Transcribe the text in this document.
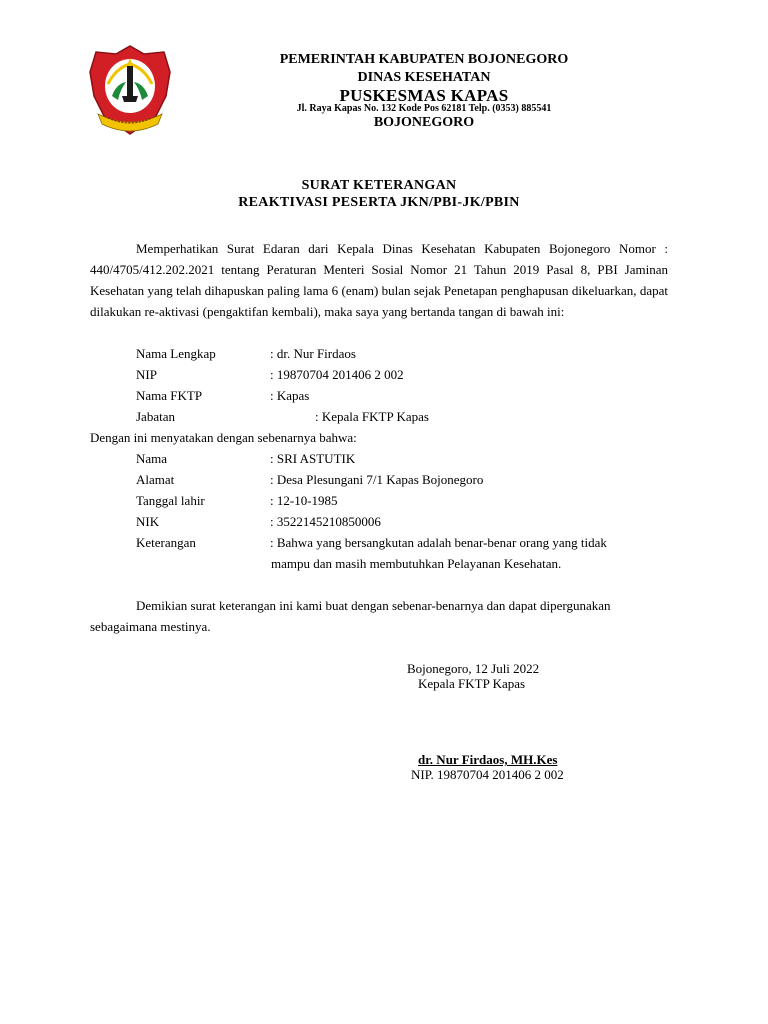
PEMERINTAH KABUPATEN BOJONEGORO
DINAS KESEHATAN
PUSKESMAS KAPAS
Jl. Raya Kapas No. 132 Kode Pos 62181 Telp. (0353) 885541
BOJONEGORO
SURAT KETERANGAN
REAKTIVASI PESERTA JKN/PBI-JK/PBIN
Memperhatikan Surat Edaran dari Kepala Dinas Kesehatan Kabupaten Bojonegoro Nomor : 440/4705/412.202.2021 tentang Peraturan Menteri Sosial Nomor 21 Tahun 2019 Pasal 8, PBI Jaminan Kesehatan yang telah dihapuskan paling lama 6 (enam) bulan sejak Penetapan penghapusan dikeluarkan, dapat dilakukan re-aktivasi (pengaktifan kembali), maka saya yang bertanda tangan di bawah ini:
Nama Lengkap	: dr. Nur Firdaos
NIP	: 19870704 201406 2 002
Nama FKTP	: Kapas
Jabatan	: Kepala FKTP Kapas
Dengan ini menyatakan dengan sebenarnya bahwa:
Nama	: SRI ASTUTIK
Alamat	: Desa Plesungani 7/1 Kapas Bojonegoro
Tanggal lahir	: 12-10-1985
NIK	: 3522145210850006
Keterangan	: Bahwa yang bersangkutan adalah benar-benar orang yang tidak
mampu dan masih membutuhkan Pelayanan Kesehatan.
Demikian surat keterangan ini kami buat dengan sebenar-benarnya dan dapat dipergunakan sebagaimana mestinya.
Bojonegoro, 12 Juli 2022
Kepala FKTP Kapas
dr. Nur Firdaos, MH.Kes
NIP. 19870704 201406 2 002
